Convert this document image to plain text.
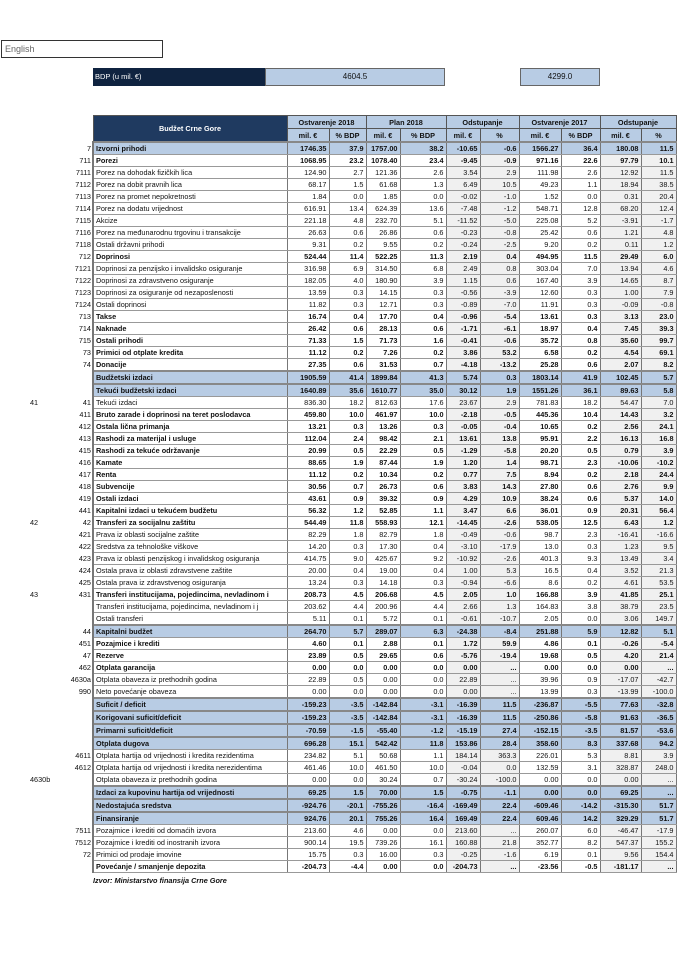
English
BDP (u mil. €)	4604.5	4299.0
		Budžet Crne Gore	Ostvarenje 2018		Plan 2018		Odstupanje		Ostvarenje 2017		Odstupanje	
			mil. €	% BDP	mil. €	% BDP	mil. €	%	mil. €	% BDP	mil. €	%
	7	Izvorni prihodi	1746.35	37.9	1757.00	38.2	-10.65	-0.6	1566.27	36.4	180.08	11.5
	711	Porezi	1068.95	23.2	1078.40	23.4	-9.45	-0.9	971.16	22.6	97.79	10.1
	7111	Porez na dohodak fizičkih lica	124.90	2.7	121.36	2.6	3.54	2.9	111.98	2.6	12.92	11.5
	7112	Porez na dobit pravnih lica	68.17	1.5	61.68	1.3	6.49	10.5	49.23	1.1	18.94	38.5
	7113	Porez na promet nepokretnosti	1.84	0.0	1.85	0.0	-0.02	-1.0	1.52	0.0	0.31	20.4
	7114	Porez na dodatu vrijednost	616.91	13.4	624.39	13.6	-7.48	-1.2	548.71	12.8	68.20	12.4
	7115	Akcize	221.18	4.8	232.70	5.1	-11.52	-5.0	225.08	5.2	-3.91	-1.7
	7116	Porez na međunarodnu trgovinu i transakcije	26.63	0.6	26.86	0.6	-0.23	-0.8	25.42	0.6	1.21	4.8
	7118	Ostali državni prihodi	9.31	0.2	9.55	0.2	-0.24	-2.5	9.20	0.2	0.11	1.2
	712	Doprinosi	524.44	11.4	522.25	11.3	2.19	0.4	494.95	11.5	29.49	6.0
	7121	Doprinosi za penzijsko i invalidsko osiguranje	316.98	6.9	314.50	6.8	2.49	0.8	303.04	7.0	13.94	4.6
	7122	Doprinosi za zdravstveno osiguranje	182.05	4.0	180.90	3.9	1.15	0.6	167.40	3.9	14.65	8.7
	7123	Doprinosi za osiguranje od nezaposlenosti	13.59	0.3	14.15	0.3	-0.56	-3.9	12.60	0.3	1.00	7.9
	7124	Ostali doprinosi	11.82	0.3	12.71	0.3	-0.89	-7.0	11.91	0.3	-0.09	-0.8
	713	Takse	16.74	0.4	17.70	0.4	-0.96	-5.4	13.61	0.3	3.13	23.0
	714	Naknade	26.42	0.6	28.13	0.6	-1.71	-6.1	18.97	0.4	7.45	39.3
	715	Ostali prihodi	71.33	1.5	71.73	1.6	-0.41	-0.6	35.72	0.8	35.60	99.7
	73	Primici od otplate kredita	11.12	0.2	7.26	0.2	3.86	53.2	6.58	0.2	4.54	69.1
	74	Donacije	27.35	0.6	31.53	0.7	-4.18	-13.2	25.28	0.6	2.07	8.2
		Budžetski izdaci	1905.59	41.4	1899.84	41.3	5.74	0.3	1803.14	41.9	102.45	5.7
		Tekući budžetski izdaci	1640.89	35.6	1610.77	35.0	30.12	1.9	1551.26	36.1	89.63	5.8
41	41	Tekući izdaci	836.30	18.2	812.63	17.6	23.67	2.9	781.83	18.2	54.47	7.0
	411	Bruto zarade i doprinosi na teret poslodavca	459.80	10.0	461.97	10.0	-2.18	-0.5	445.36	10.4	14.43	3.2
	412	Ostala lična primanja	13.21	0.3	13.26	0.3	-0.05	-0.4	10.65	0.2	2.56	24.1
	413	Rashodi za materijal i usluge	112.04	2.4	98.42	2.1	13.61	13.8	95.91	2.2	16.13	16.8
	415	Rashodi za tekuće održavanje	20.99	0.5	22.29	0.5	-1.29	-5.8	20.20	0.5	0.79	3.9
	416	Kamate	88.65	1.9	87.44	1.9	1.20	1.4	98.71	2.3	-10.06	-10.2
	417	Renta	11.12	0.2	10.34	0.2	0.77	7.5	8.94	0.2	2.18	24.4
	418	Subvencije	30.56	0.7	26.73	0.6	3.83	14.3	27.80	0.6	2.76	9.9
	419	Ostali izdaci	43.61	0.9	39.32	0.9	4.29	10.9	38.24	0.6	5.37	14.0
	441	Kapitalni izdaci u tekućem budžetu	56.32	1.2	52.85	1.1	3.47	6.6	36.01	0.9	20.31	56.4
42	42	Transferi za socijalnu zaštitu	544.49	11.8	558.93	12.1	-14.45	-2.6	538.05	12.5	6.43	1.2
	421	Prava iz oblasti socijalne zaštite	82.29	1.8	82.79	1.8	-0.49	-0.6	98.7	2.3	-16.41	-16.6
	422	Sredstva za tehnološke viškove	14.20	0.3	17.30	0.4	-3.10	-17.9	13.0	0.3	1.23	9.5
	423	Prava iz oblasti penzijskog i invalidskog osiguranja	414.75	9.0	425.67	9.2	-10.92	-2.6	401.3	9.3	13.49	3.4
	424	Ostala prava iz oblasti zdravstvene zaštite	20.00	0.4	19.00	0.4	1.00	5.3	16.5	0.4	3.52	21.3
	425	Ostala prava iz zdravstvenog osiguranja	13.24	0.3	14.18	0.3	-0.94	-6.6	8.6	0.2	4.61	53.5
43	431	Transferi institucijama, pojedincima, nevladinom i	208.73	4.5	206.68	4.5	2.05	1.0	166.88	3.9	41.85	25.1
		Transferi institucijama, pojedincima, nevladinom i j	203.62	4.4	200.96	4.4	2.66	1.3	164.83	3.8	38.79	23.5
		Ostali transferi	5.11	0.1	5.72	0.1	-0.61	-10.7	2.05	0.0	3.06	149.7
	44	Kapitalni budžet	264.70	5.7	289.07	6.3	-24.38	-8.4	251.88	5.9	12.82	5.1
	451	Pozajmice i krediti	4.60	0.1	2.88	0.1	1.72	59.9	4.86	0.1	-0.26	-5.4
	47	Rezerve	23.89	0.5	29.65	0.6	-5.76	-19.4	19.68	0.5	4.20	21.4
	462	Otplata garancija	0.00	0.0	0.00	0.0	0.00	...	0.00	0.0	0.00	...
	4630a	Otplata obaveza iz prethodnih godina	22.89	0.5	0.00	0.0	22.89	...	39.96	0.9	-17.07	-42.7
	990	Neto povećanje obaveza	0.00	0.0	0.00	0.0	0.00	...	13.99	0.3	-13.99	-100.0
		Suficit / deficit	-159.23	-3.5	-142.84	-3.1	-16.39	11.5	-236.87	-5.5	77.63	-32.8
		Korigovani suficit/deficit	-159.23	-3.5	-142.84	-3.1	-16.39	11.5	-250.86	-5.8	91.63	-36.5
		Primarni suficit/deficit	-70.59	-1.5	-55.40	-1.2	-15.19	27.4	-152.15	-3.5	81.57	-53.6
		Otplata dugova	696.28	15.1	542.42	11.8	153.86	28.4	358.60	8.3	337.68	94.2
	4611	Otplata hartija od vrijednosti i kredita rezidentima	234.82	5.1	50.68	1.1	184.14	363.3	226.01	5.3	8.81	3.9
	4612	Otplata hartija od vrijednosti i kredita nerezidentima	461.46	10.0	461.50	10.0	-0.04	0.0	132.59	3.1	328.87	248.0
4630b		Otplata obaveza iz prethodnih godina	0.00	0.0	30.24	0.7	-30.24	-100.0	0.00	0.0	0.00	...
		Izdaci za kupovinu hartija od vrijednosti	69.25	1.5	70.00	1.5	-0.75	-1.1	0.00	0.0	69.25	...
		Nedostajuća sredstva	-924.76	-20.1	-755.26	-16.4	-169.49	22.4	-609.46	-14.2	-315.30	51.7
		Finansiranje	924.76	20.1	755.26	16.4	169.49	22.4	609.46	14.2	329.29	51.7
	7511	Pozajmice i krediti od domaćih izvora	213.60	4.6	0.00	0.0	213.60	...	260.07	6.0	-46.47	-17.9
	7512	Pozajmice i krediti od inostranih izvora	900.14	19.5	739.26	16.1	160.88	21.8	352.77	8.2	547.37	155.2
	72	Primici od prodaje imovine	15.75	0.3	16.00	0.3	-0.25	-1.6	6.19	0.1	9.56	154.4
		Povećanje / smanjenje depozita	-204.73	-4.4	0.00	0.0	-204.73	...	-23.56	-0.5	-181.17	...
Izvor: Ministarstvo finansija Crne Gore
